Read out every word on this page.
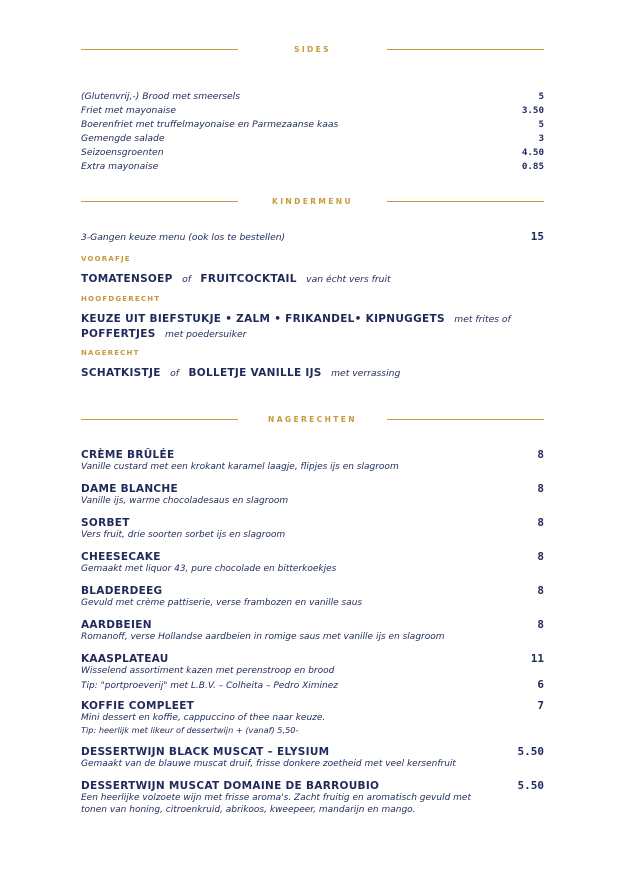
SIDES
(Glutenvrij,-) Brood met smeersels	5
Friet met mayonaise	3.50
Boerenfriet met truffelmayonaise en Parmezaanse kaas	5
Gemengde salade	3
Seizoensgroenten	4.50
Extra mayonaise	0.85
KINDERMENU
3-Gangen keuze menu (ook los te bestellen)	15
VOORAFJE
TOMATENSOEP of FRUITCOCKTAIL van écht vers fruit
HOOFDGERECHT
KEUZE UIT BIEFSTUKJE • ZALM • FRIKANDEL• KIPNUGGETS met frites of
POFFERTJES met poedersuiker
NAGERECHT
SCHATKISTJE of BOLLETJE VANILLE IJS met verrassing
NAGERECHTEN
CRÈME BRÛLÉE	8
Vanille custard met een krokant karamel laagje, flipjes ijs en slagroom
DAME BLANCHE	8
Vanille ijs, warme chocoladesaus en slagroom
SORBET	8
Vers fruit, drie soorten sorbet ijs en slagroom
CHEESECAKE	8
Gemaakt met liquor 43, pure chocolade en bitterkoekjes
BLADERDEEG	8
Gevuld met crème pattiserie, verse frambozen en vanille saus
AARDBEIEN	8
Romanoff, verse Hollandse aardbeien in romige saus met vanille ijs en slagroom
KAASPLATEAU	11
Wisselend assortiment kazen met perenstroop en brood
Tip: "portproeverij" met L.B.V. – Colheita – Pedro Ximinez	6
KOFFIE COMPLEET	7
Mini dessert en koffie, cappuccino of thee naar keuze.
Tip: heerlijk met likeur of dessertwijn + (vanaf) 5,50-
DESSERTWIJN BLACK MUSCAT – ELYSIUM	5.50
Gemaakt van de blauwe muscat druif, frisse donkere zoetheid met veel kersenfruit
DESSERTWIJN MUSCAT DOMAINE DE BARROUBIO	5.50
Een heerlijke volzoete wijn met frisse aroma's. Zacht fruitig en aromatisch gevuld met
tonen van honing, citroenkruid, abrikoos, kweepeer, mandarijn en mango.
